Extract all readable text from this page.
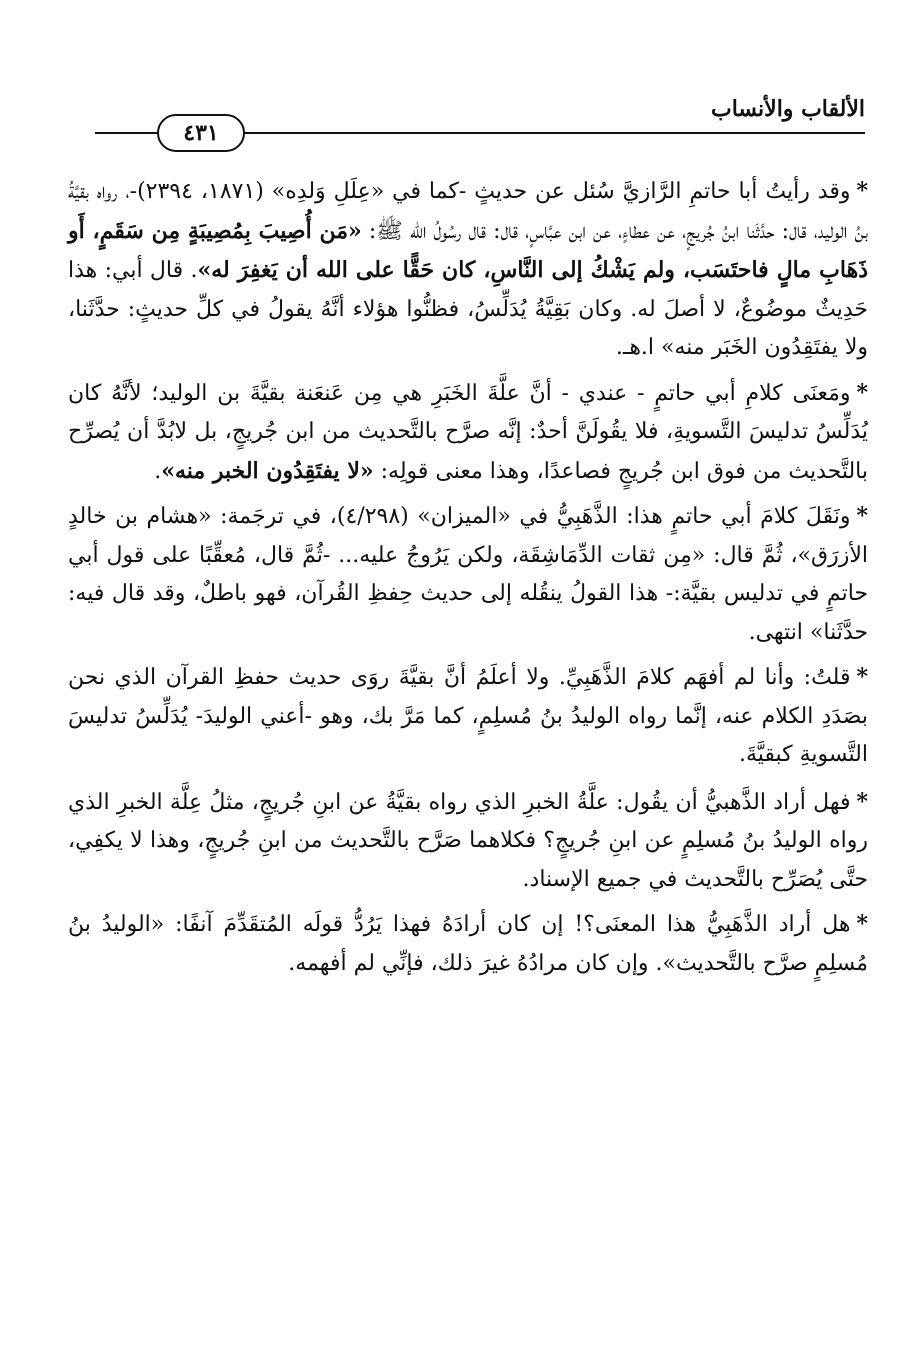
الألقاب والأنساب
٤٣١

*وقد رأيتُ أبا حاتمِ الرَّازيَّ سُئل عن حديثٍ -كما في «عِلَلِ وَلدِه» (١٨٧١، ٢٣٩٤)-، رواه بقيَّةُ بنُ الوليد، قال: حدَّثَنا ابنُ جُريجٍ، عن عطاءٍ، عن ابن عبَّاسٍ، قال: قال رسُولُ الله ﷺ: «مَن أُصِيبَ بِمُصِيبَةٍ مِن سَقَمٍ، أَو ذَهَابِ مالٍ فاحتَسَب، ولم يَشْكُ إلى النَّاسِ، كان حَقًّا على الله أن يَغفِرَ له». قال أبي: هذا حَدِيثٌ موضُوعٌ، لا أصلَ له. وكان بَقِيَّةُ يُدَلِّسُ، فظنُّوا هؤلاء أنَّهُ يقولُ في كلِّ حديثٍ: حدَّثَنا، ولا يفتَقِدُون الخَبَر منه» ا.هـ.

*ومَعنَى كلامِ أبي حاتمٍ - عندي - أنَّ علَّةَ الخَبَرِ هي مِن عَنعَنة بقيَّةَ بن الوليد؛ لأنَّهُ كان يُدَلِّسُ تدليسَ التَّسويةِ، فلا يقُولَنَّ أحدٌ: إنَّه صرَّح بالتَّحديث من ابن جُريجٍ، بل لابُدَّ أن يُصرِّح بالتَّحديث من فوق ابن جُريجٍ فصاعدًا، وهذا معنى قولِه: «لا يفتَقِدُون الخبر منه».

*ونَقَلَ كلامَ أبي حاتمٍ هذا: الذَّهَبِيُّ في «الميزان» (٤/٢٩٨)، في ترجَمة: «هشام بن خالدٍ الأزرَق»، ثُمَّ قال: «مِن ثقات الدِّمَاشِقَة، ولكن يَرُوجُ عليه... -ثُمَّ قال، مُعقِّبًا على قول أبي حاتمٍ في تدليس بقيَّة:- هذا القولُ ينقُله إلى حديث حِفظِ القُرآن، فهو باطلٌ، وقد قال فيه: حدَّثَنا» انتهى.

*قلتُ: وأنا لم أفهَم كلامَ الذَّهَبِيِّ. ولا أعلَمُ أنَّ بقيَّةَ روَى حديث حفظِ القرآن الذي نحن بصَدَدِ الكلام عنه، إنَّما رواه الوليدُ بنُ مُسلِمٍ، كما مَرَّ بك، وهو -أعني الوليدَ- يُدَلِّسُ تدليسَ التَّسويةِ كبقيَّةَ.

*فهل أراد الذَّهبيُّ أن يقُول: علَّةُ الخبرِ الذي رواه بقيَّةُ عن ابنِ جُريجٍ، مثلُ عِلَّة الخبرِ الذي رواه الوليدُ بنُ مُسلِمٍ عن ابنِ جُريجٍ؟ فكلاهما صَرَّح بالتَّحديث من ابنِ جُريجٍ، وهذا لا يكفِي، حتَّى يُصَرِّح بالتَّحديث في جميع الإسناد.

*هل أراد الذَّهَبِيُّ هذا المعنَى؟! إن كان أرادَهُ فهذا يَرُدُّ قولَه المُتقَدِّمَ آنفًا: «الوليدُ بنُ مُسلِمٍ صرَّح بالتَّحديث». وإن كان مرادُهُ غيرَ ذلك، فإنِّي لم أفهمه.
